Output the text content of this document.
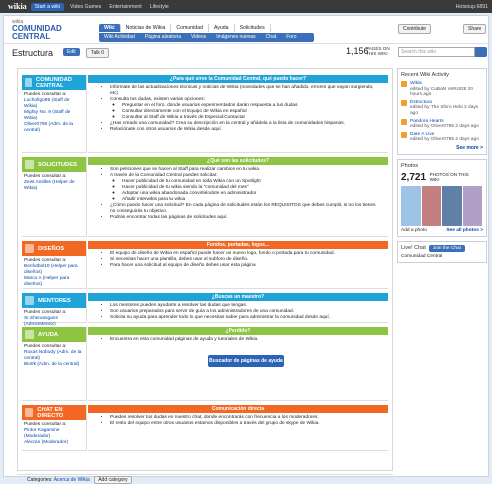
wikia	Start a wiki	Video Games Entertainment Lifestyle	Hotsoup.6891
wikia
COMUNIDAD
CENTRAL
Wiki	Noticias de Wikia	Comunidad	Ayuda	Solicitudes
Wiki Actividad	Página aleatoria	Videos	Imágenes nuevas	Chat	Foro
Contribute	Share
Estructura	Edit	Talk 0	1,156
PAGES ON THIS WIKI	Search this wiki
COMUNIDAD CENTRAL
Puedes consultar a:
Luchofigo89 (Staff de Wikia)
Mighty No. 9 (Staff de Wikia)
Oliver0796 (Adm. de la central)
¿Para qué sirve la Comunidad Central, qué puedo hacer?
• Infórmate de las actualizaciones técnicas y noticias de Wikia (novedades que se han añadido, errores que vayan surgiendo, etc)
• Consulta tus dudas, existen varias opciones:
◦ Preguntar en el foro, donde usuarios experimentados darán respuesta a tus dudas
◦ Consultar directamente con el Equipo de Wikia en español
◦ Consultar al Staff de Wikia a través de Especial:Contactar
• ¿Has creado una comunidad? Crea su descripción en la central y añádela a la lista de comunidades hispanas.
• Relaciónate con otros usuarios de Wikia desde aquí.
SOLICITUDES
Puedes consultar a:
Zeist Antilles (Helper de Wikia)
¿Qué son las solicitudes?
• Son peticiones que se hacen al Staff para realizar cambios en tu wikia.
• A través de la Comunidad Central puedes solicitar:
◦ Hacer publicidad de tu comunidad en toda Wikia con un Spotlight
◦ Hacer publicidad de tu wikia siendo la "comunidad del mes"
◦ Adoptar una wikia abandonada convirtiéndote en administrador
◦ Añadir interwikis para tu wikia
• ¿Cómo puedo hacer una solicitud? En cada página de solicitudes están los REQUISITOS que debes cumplir, si no los tienes no conseguirás tu objetivo.
• Podrás encontrar todas las páginas de solicitudes aquí.
DISEÑOS
Puedes consultar a:
Benfutbol10 (Helper para diseños)
Marco A (Helper para diseños)
Fondos, portadas, logos...
• El equipo de diseño de Wikia en español puede hacer un nuevo logo, fondo o portada para tu comunidad.
• Si necesitas hacer una plantilla, debes usar el subforo de diseño.
• Para hacer una solicitud al equipo de diseño debes usar esta página
MENTORES
Puedes consultar a:
Sr.Shenanigans (AdminMentor)
¿Buscas un maestro?
• Los mentores pueden ayudarte a resolver las dudas que tengas.
• Son usuarios preparados para servir de guía a los administradores de una comunidad.
• Solicita su ayuda para aprender todo lo que necesitas saber para administrar la comunidad desde aquí.
AYUDA
Puedes consultar a:
Roxas Nobody (Adm. de la central)
Bio0k (Adm. de la central)
¿Perdido?
• Encuentra en esta comunidad páginas de ayuda y tutoriales de Wikia.
Buscador de páginas de ayuda
CHAT EN DIRECTO
Puedes consultar a:
Pintor Kagamine (Moderador)
Alecran (Moderador)
Comunicación directa
• Puedes resolver tus dudas en nuestro chat, donde encontrarás con frecuencia a los moderadores.
• El resto del equipo entre otros usuarios estamos disponibles a través del grupo de skype de Wikia.
Categories: Acerca de Wikia Add category
Recent Wiki Activity
Wikia
edited by CuBaN VeRcEttI 20 hours ago
Estructura
edited by The Shiro Hebi 2 days ago
Pandora Hearts
edited by Oliver0796 2 days ago
Date A Live
edited by Oliver0796 2 days ago
See more >
Photos
2,721 PHOTOS ON THIS WIKI
Add a photo	See all photos >
Live! Chat	Join the Chat
Comunidad Central
